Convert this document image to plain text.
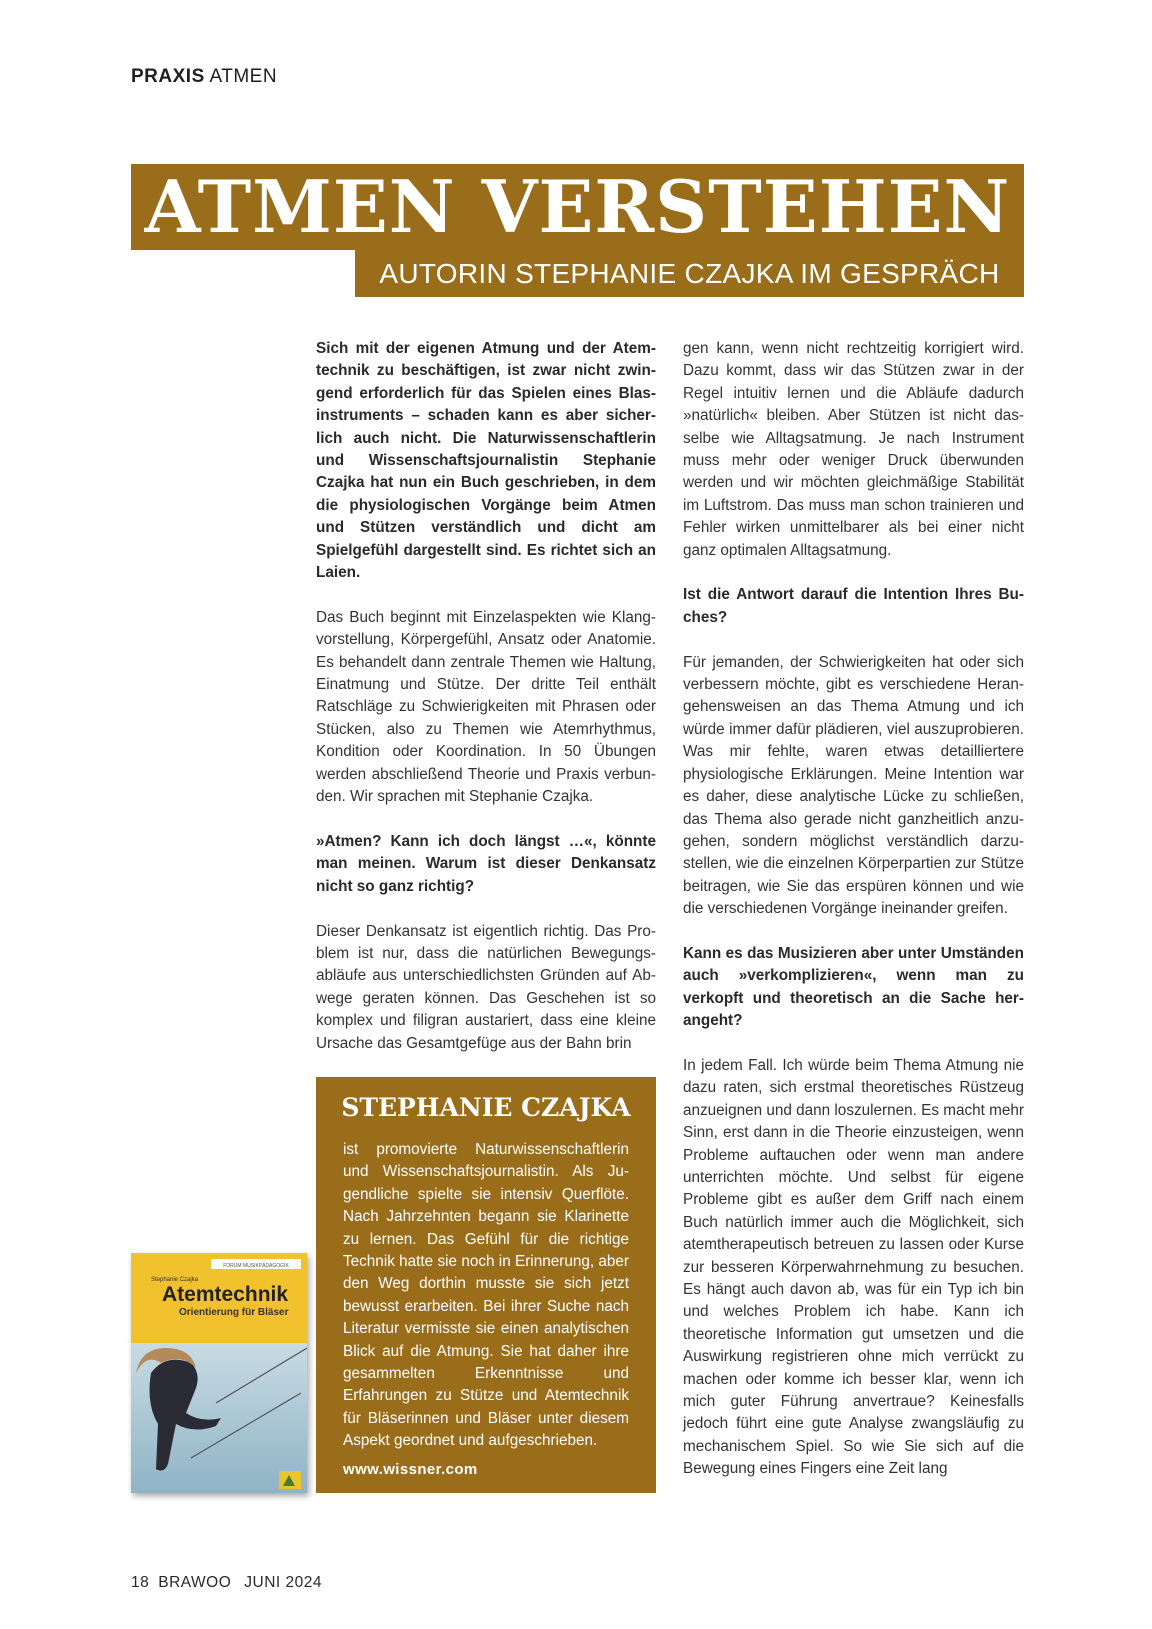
PRAXIS ATMEN
ATMEN VERSTEHEN
AUTORIN STEPHANIE CZAJKA IM GESPRÄCH

Sich mit der eigenen Atmung und der Atemtechnik zu beschäftigen, ist zwar nicht zwingend erforderlich für das Spielen eines Blasinstruments – schaden kann es aber sicherlich auch nicht. Die Naturwissenschaftlerin und Wissenschaftsjournalistin Stephanie Czajka hat nun ein Buch geschrieben, in dem die physiologischen Vorgänge beim Atmen und Stützen verständlich und dicht am Spielgefühl dargestellt sind. Es richtet sich an Laien.

Das Buch beginnt mit Einzelaspekten wie Klangvorstellung, Körpergefühl, Ansatz oder Anatomie. Es behandelt dann zentrale Themen wie Haltung, Einatmung und Stütze. Der dritte Teil enthält Ratschläge zu Schwierigkeiten mit Phrasen oder Stücken, also zu Themen wie Atemrhythmus, Kondition oder Koordination. In 50 Übungen werden abschließend Theorie und Praxis verbunden. Wir sprachen mit Stephanie Czajka.

»Atmen? Kann ich doch längst …«, könnte man meinen. Warum ist dieser Denkansatz nicht so ganz richtig?

Dieser Denkansatz ist eigentlich richtig. Das Problem ist nur, dass die natürlichen Bewegungsabläufe aus unterschiedlichsten Gründen auf Abwege geraten können. Das Geschehen ist so komplex und filigran austariert, dass eine kleine Ursache das Gesamtgefüge aus der Bahn brin

gen kann, wenn nicht rechtzeitig korrigiert wird. Dazu kommt, dass wir das Stützen zwar in der Regel intuitiv lernen und die Abläufe dadurch »natürlich« bleiben. Aber Stützen ist nicht dasselbe wie Alltagsatmung. Je nach Instrument muss mehr oder weniger Druck überwunden werden und wir möchten gleichmäßige Stabilität im Luftstrom. Das muss man schon trainieren und Fehler wirken unmittelbarer als bei einer nicht ganz optimalen Alltagsatmung.

Ist die Antwort darauf die Intention Ihres Buches?

Für jemanden, der Schwierigkeiten hat oder sich verbessern möchte, gibt es verschiedene Herangehensweisen an das Thema Atmung und ich würde immer dafür plädieren, viel auszuprobieren. Was mir fehlte, waren etwas detailliertere physiologische Erklärungen. Meine Intention war es daher, diese analytische Lücke zu schließen, das Thema also gerade nicht ganzheitlich anzugehen, sondern möglichst verständlich darzustellen, wie die einzelnen Körperpartien zur Stütze beitragen, wie Sie das erspüren können und wie die verschiedenen Vorgänge ineinander greifen.

Kann es das Musizieren aber unter Umständen auch »verkomplizieren«, wenn man zu verkopft und theoretisch an die Sache herangeht?

In jedem Fall. Ich würde beim Thema Atmung nie dazu raten, sich erstmal theoretisches Rüstzeug anzueignen und dann loszulernen. Es macht mehr Sinn, erst dann in die Theorie einzusteigen, wenn Probleme auftauchen oder wenn man andere unterrichten möchte. Und selbst für eigene Probleme gibt es außer dem Griff nach einem Buch natürlich immer auch die Möglichkeit, sich atemtherapeutisch betreuen zu lassen oder Kurse zur besseren Körperwahrnehmung zu besuchen. Es hängt auch davon ab, was für ein Typ ich bin und welches Problem ich habe. Kann ich theoretische Information gut umsetzen und die Auswirkung registrieren ohne mich verrückt zu machen oder komme ich besser klar, wenn ich mich guter Führung anvertraue? Keinesfalls jedoch führt eine gute Analyse zwangsläufig zu mechanischem Spiel. So wie Sie sich auf die Bewegung eines Fingers eine Zeit lang

STEPHANIE CZAJKA

ist promovierte Naturwissenschaftlerin und Wissenschaftsjournalistin. Als Jugendliche spielte sie intensiv Querflöte. Nach Jahrzehnten begann sie Klarinette zu lernen. Das Gefühl für die richtige Technik hatte sie noch in Erinnerung, aber den Weg dorthin musste sie sich jetzt bewusst erarbeiten. Bei ihrer Suche nach Literatur vermisste sie einen analytischen Blick auf die Atmung. Sie hat daher ihre gesammelten Erkenntnisse und Erfahrungen zu Stütze und Atemtechnik für Bläserinnen und Bläser unter diesem Aspekt geordnet und aufgeschrieben.

www.wissner.com
FORUM MUSIKPÄDAGOGIK
Stephanie Czajka
Atemtechnik
Orientierung für Bläser
18 BRAWOO JUNI 2024
